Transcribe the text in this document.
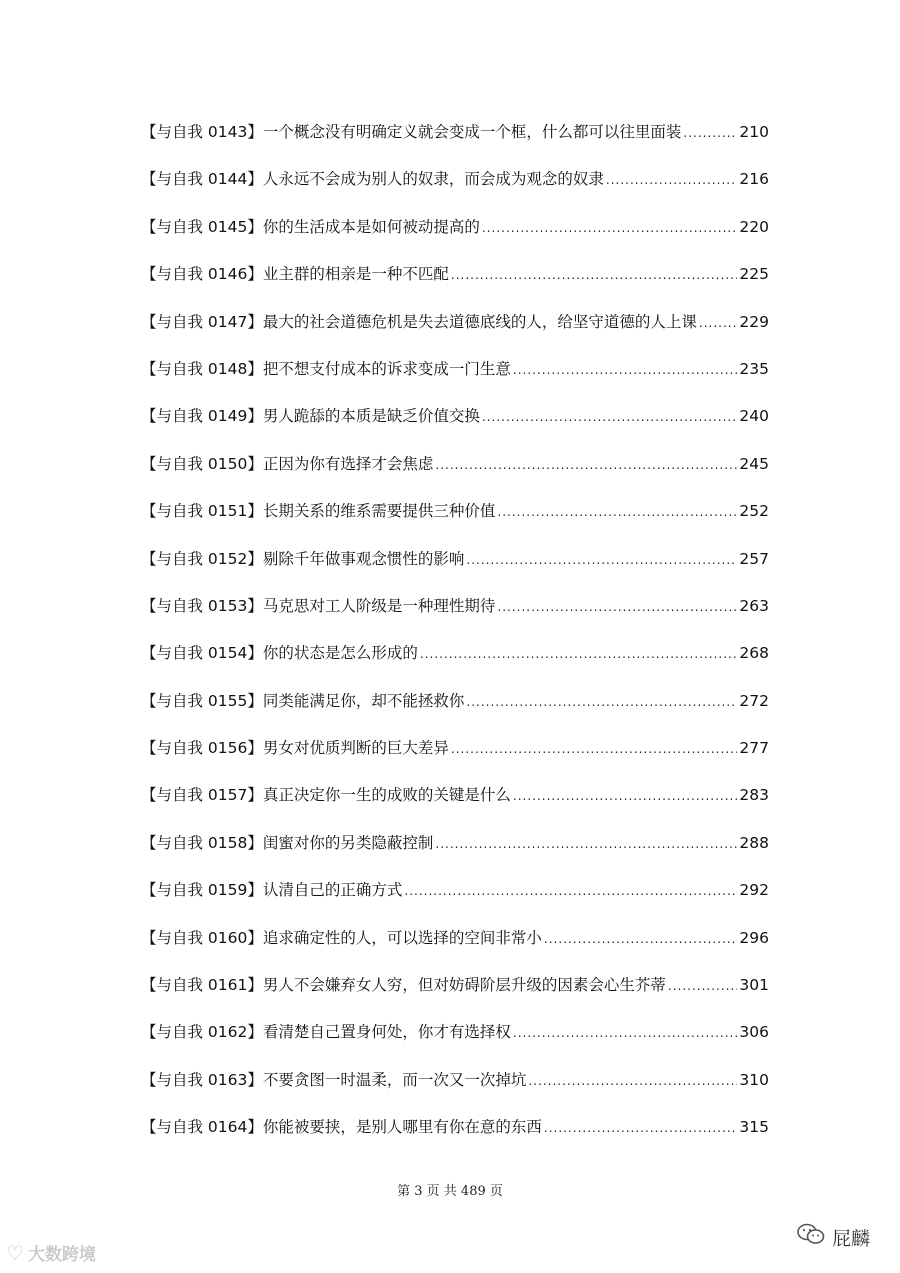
【与自我 0143】 一个概念没有明确定义就会变成一个框，什么都可以往里面装 .....	210
【与自我 0144】 人永远不会成为别人的奴隶，而会成为观念的奴隶 .....	216
【与自我 0145】 你的生活成本是如何被动提高的 .....	220
【与自我 0146】 业主群的相亲是一种不匹配 .....	225
【与自我 0147】 最大的社会道德危机是失去道德底线的人，给坚守道德的人上课 .....	229
【与自我 0148】 把不想支付成本的诉求变成一门生意 .....	235
【与自我 0149】 男人跪舔的本质是缺乏价值交换 .....	240
【与自我 0150】 正因为你有选择才会焦虑 .....	245
【与自我 0151】 长期关系的维系需要提供三种价值 .....	252
【与自我 0152】 剔除千年做事观念惯性的影响 .....	257
【与自我 0153】 马克思对工人阶级是一种理性期待 .....	263
【与自我 0154】 你的状态是怎么形成的 .....	268
【与自我 0155】 同类能满足你，却不能拯救你 .....	272
【与自我 0156】 男女对优质判断的巨大差异 .....	277
【与自我 0157】 真正决定你一生的成败的关键是什么 .....	283
【与自我 0158】 闺蜜对你的另类隐蔽控制 .....	288
【与自我 0159】 认清自己的正确方式 .....	292
【与自我 0160】 追求确定性的人，可以选择的空间非常小 .....	296
【与自我 0161】 男人不会嫌弃女人穷，但对妨碍阶层升级的因素会心生芥蒂 .....	301
【与自我 0162】 看清楚自己置身何处，你才有选择权 .....	306
【与自我 0163】 不要贪图一时温柔，而一次又一次掉坑 .....	310
【与自我 0164】 你能被要挟，是别人哪里有你在意的东西 .....	315
第 3 页 共 489 页
♡ 大数跨境
屁麟
